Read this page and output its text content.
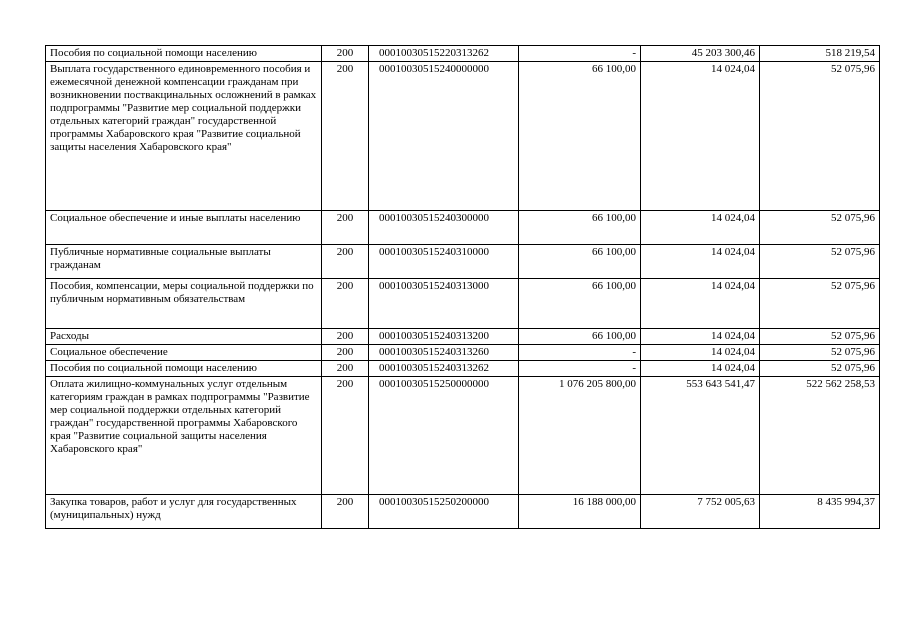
Пособия по социальной помощи населению	200	00010030515220313262	-	45 203 300,46	518 219,54
Выплата государственного единовременного пособия и ежемесячной денежной компенсации гражданам при возникновении поствакцинальных осложнений в рамках подпрограммы "Развитие мер социальной поддержки отдельных категорий граждан" государственной программы Хабаровского края "Развитие социальной защиты населения Хабаровского края"	200	00010030515240000000	66 100,00	14 024,04	52 075,96
Социальное обеспечение и иные выплаты населению	200	00010030515240300000	66 100,00	14 024,04	52 075,96
Публичные нормативные социальные выплаты гражданам	200	00010030515240310000	66 100,00	14 024,04	52 075,96
Пособия, компенсации, меры социальной поддержки по публичным нормативным обязательствам	200	00010030515240313000	66 100,00	14 024,04	52 075,96
Расходы	200	00010030515240313200	66 100,00	14 024,04	52 075,96
Социальное обеспечение	200	00010030515240313260	-	14 024,04	52 075,96
Пособия по социальной помощи населению	200	00010030515240313262	-	14 024,04	52 075,96
Оплата жилищно-коммунальных услуг отдельным категориям граждан в рамках подпрограммы "Развитие мер социальной поддержки отдельных категорий граждан" государственной программы Хабаровского края "Развитие социальной защиты населения Хабаровского края"	200	00010030515250000000	1 076 205 800,00	553 643 541,47	522 562 258,53
Закупка товаров, работ и услуг для государственных (муниципальных) нужд	200	00010030515250200000	16 188 000,00	7 752 005,63	8 435 994,37
